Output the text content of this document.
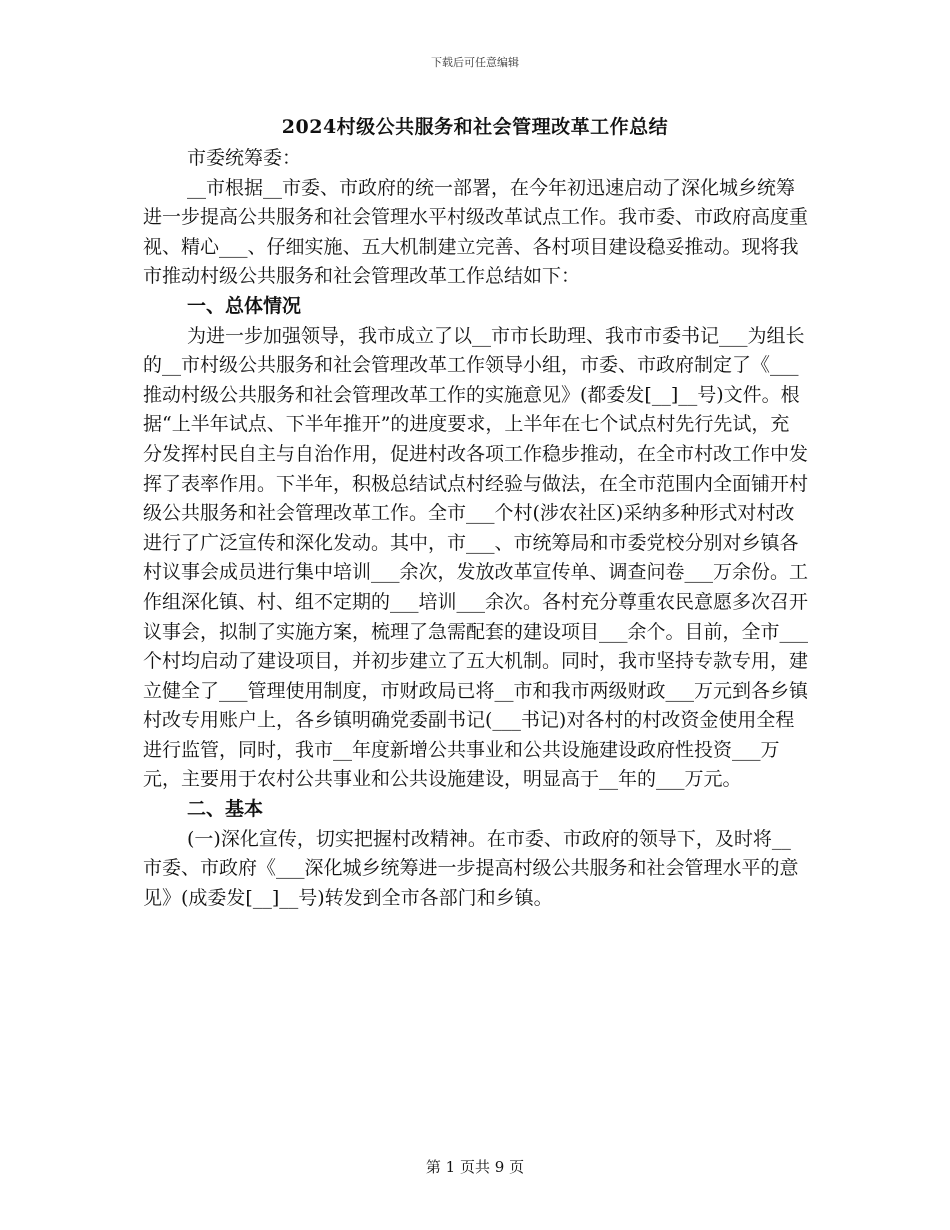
下载后可任意编辑
2024村级公共服务和社会管理改革工作总结

市委统筹委：

__市根据__市委、市政府的统一部署，在今年初迅速启动了深化城乡统筹进一步提高公共服务和社会管理水平村级改革试点工作。我市委、市政府高度重视、精心___、仔细实施、五大机制建立完善、各村项目建设稳妥推动。现将我市推动村级公共服务和社会管理改革工作总结如下：

一、总体情况

为进一步加强领导，我市成立了以__市市长助理、我市市委书记___为组长的__市村级公共服务和社会管理改革工作领导小组，市委、市政府制定了《___推动村级公共服务和社会管理改革工作的实施意见》(都委发[__]__号)文件。根据“上半年试点、下半年推开”的进度要求，上半年在七个试点村先行先试，充分发挥村民自主与自治作用，促进村改各项工作稳步推动，在全市村改工作中发挥了表率作用。下半年，积极总结试点村经验与做法，在全市范围内全面铺开村级公共服务和社会管理改革工作。全市___个村(涉农社区)采纳多种形式对村改进行了广泛宣传和深化发动。其中，市___、市统筹局和市委党校分别对乡镇各村议事会成员进行集中培训___余次，发放改革宣传单、调查问卷___万余份。工作组深化镇、村、组不定期的___培训___余次。各村充分尊重农民意愿多次召开议事会，拟制了实施方案，梳理了急需配套的建设项目___余个。目前，全市___个村均启动了建设项目，并初步建立了五大机制。同时，我市坚持专款专用，建立健全了___管理使用制度，市财政局已将__市和我市两级财政___万元到各乡镇村改专用账户上，各乡镇明确党委副书记(___书记)对各村的村改资金使用全程进行监管，同时，我市__年度新增公共事业和公共设施建设政府性投资___万元，主要用于农村公共事业和公共设施建设，明显高于__年的___万元。

二、基本

(一)深化宣传，切实把握村改精神。在市委、市政府的领导下，及时将__市委、市政府《___深化城乡统筹进一步提高村级公共服务和社会管理水平的意见》(成委发[__]__号)转发到全市各部门和乡镇。

第 1 页共 9 页
